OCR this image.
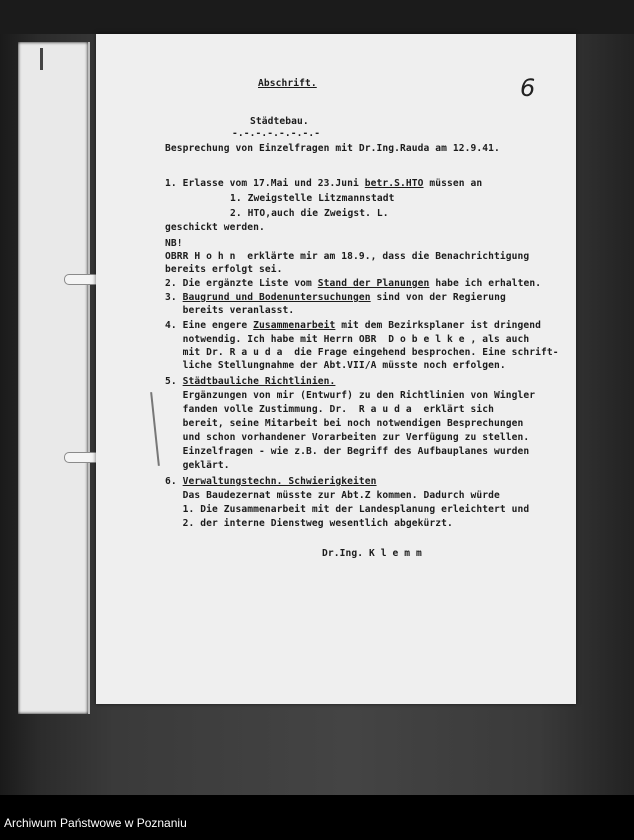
6
Abschrift.
Städtebau.
-.-.-.-.-.-.-.-
Besprechung von Einzelfragen mit Dr.Ing.Rauda am 12.9.41.
1. Erlasse vom 17.Mai und 23.Juni betr.S.HTO müssen an
1. Zweigstelle Litzmannstadt
2. HTO,auch die Zweigst. L.
geschickt werden.
NB!
OBRR H o h n  erklärte mir am 18.9., dass die Benachrichtigung
bereits erfolgt sei.
2. Die ergänzte Liste vom Stand der Planungen habe ich erhalten.
3. Baugrund und Bodenuntersuchungen sind von der Regierung
bereits veranlasst.
4. Eine engere Zusammenarbeit mit dem Bezirksplaner ist dringend
notwendig. Ich habe mit Herrn OBR  D o b e l k e , als auch
mit Dr. R a u d a  die Frage eingehend besprochen. Eine schrift-
liche Stellungnahme der Abt.VII/A müsste noch erfolgen.
5. Städtbauliche Richtlinien.
Ergänzungen von mir (Entwurf) zu den Richtlinien von Wingler
fanden volle Zustimmung. Dr.  R a u d a  erklärt sich
bereit, seine Mitarbeit bei noch notwendigen Besprechungen
und schon vorhandener Vorarbeiten zur Verfügung zu stellen.
Einzelfragen - wie z.B. der Begriff des Aufbauplanes wurden
geklärt.
6. Verwaltungstechn. Schwierigkeiten
Das Baudezernat müsste zur Abt.Z kommen. Dadurch würde
1. Die Zusammenarbeit mit der Landesplanung erleichtert und
2. der interne Dienstweg wesentlich abgekürzt.
Dr.Ing. K l e m m
Archiwum Państwowe w Poznaniu
